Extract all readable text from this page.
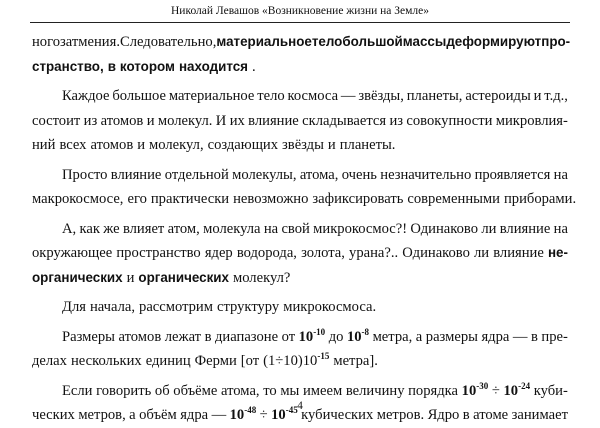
Николай Левашов «Возникновение жизни на Земле»
ного затмения. Следовательно, материальное тело большой массы деформируют про-
странство, в котором находится .
Каждое большое материальное тело космоса — звёзды, планеты, астероиды и т.д.,
состоит из атомов и молекул. И их влияние складывается из совокупности микровлия-
ний всех атомов и молекул, создающих звёзды и планеты.
Просто влияние отдельной молекулы, атома, очень незначительно проявляется на
макрокосмосе, его практически невозможно зафиксировать современными приборами.
А, как же влияет атом, молекула на свой микрокосмос?! Одинаково ли влияние на
окружающее пространство ядер водорода, золота, урана?.. Одинаково ли влияние не-
органических и органических молекул?
Для начала, рассмотрим структуру микрокосмоса.
Размеры атомов лежат в диапазоне от $10^{-10}$ до $10^{-8}$ метра, а размеры ядра — в пре-
делах нескольких единиц Ферми [от $(1\div 10)10^{-15}$ метра].
Если говорить об объёме атома, то мы имеем величину порядка $10^{-30} \div 10^{-24}$ куби-
ческих метров, а объём ядра — $10^{-48} \div 10^{-45}$ кубических метров. Ядро в атоме занимает
4
